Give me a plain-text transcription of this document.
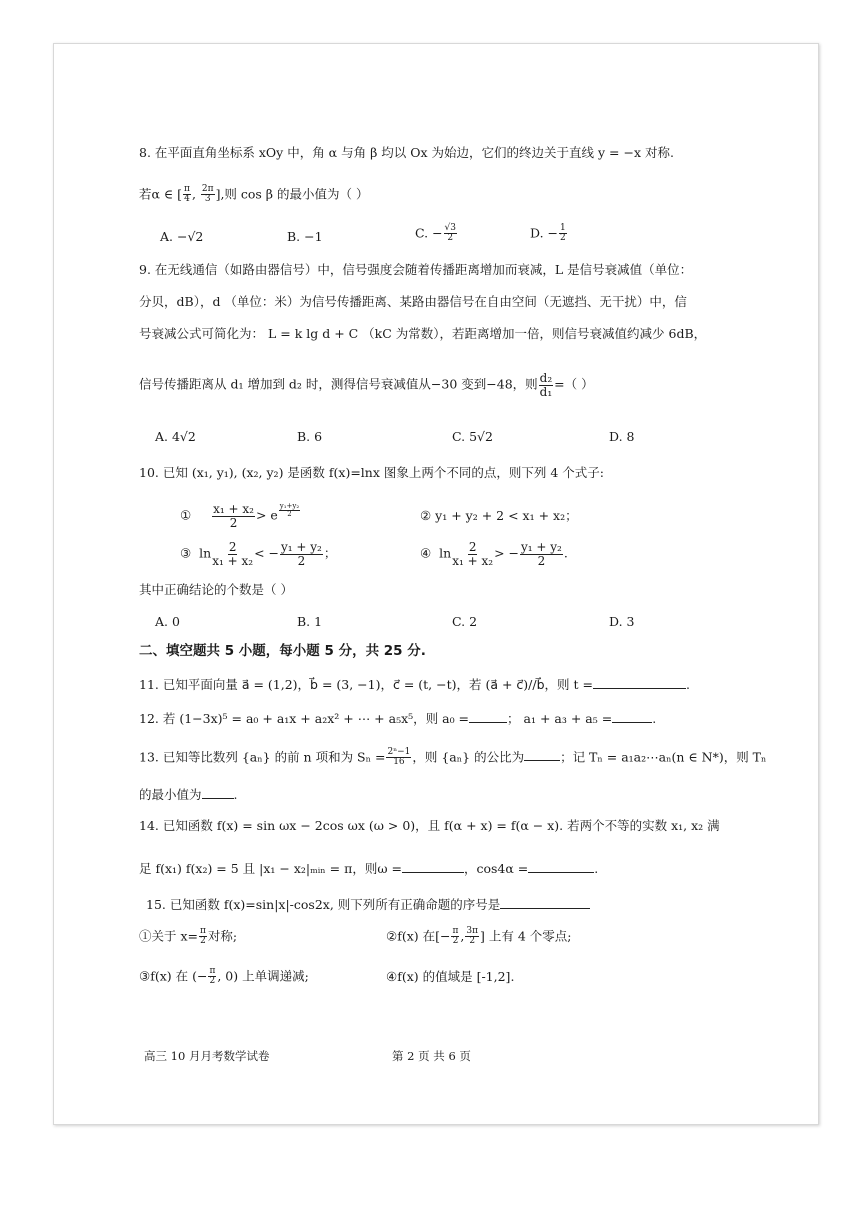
8. 在平面直角坐标系 xOy 中，角 α 与角 β 均以 Ox 为始边，它们的终边关于直线 y = −x 对称.
若α ∈ [ $\frac{\pi}{4}$ , $\frac{2\pi}{3}$ ],则 cos β 的最小值为（ ）
A. −√2	B. −1	C. − $\frac{√3}{2}$	D. − $\frac{1}{2}$
9. 在无线通信（如路由器信号）中，信号强度会随着传播距离增加而衰减，L 是信号衰减值（单位：
分贝，dB），d （单位：米）为信号传播距离、某路由器信号在自由空间（无遮挡、无干扰）中，信
号衰减公式可简化为： L = k lg d + C （kC 为常数），若距离增加一倍，则信号衰减值约减少 6dB，
信号传播距离从 d₁ 增加到 d₂ 时，测得信号衰减值从−30 变到−48，则 $\frac{\text{d₂}}{\text{d₁}}$ =（ ）
A. 4√2	B. 6	C. 5√2	D. 8
10. 已知 (x₁, y₁), (x₂, y₂) 是函数 f(x)=lnx 图象上两个不同的点，则下列 4 个式子:
① $\frac{\text{x₁ + x₂}}{2} > e \frac{\text{y₁+y₂}}{2}$	② y₁ + y₂ + 2 < x₁ + x₂；
③ $\ln \frac{2}{\text{x₁ + x₂}}$ < − $\frac{\text{y₁ + y₂}}{2}$ ；	④ $\ln \frac{2}{\text{x₁ + x₂}}$ > − $\frac{\text{y₁ + y₂}}{2}$ .
其中正确结论的个数是（ ）
A. 0	B. 1	C. 2	D. 3
二、填空题共 5 小题，每小题 5 分，共 25 分.
11. 已知平面向量 a⃗ = (1,2)，b⃗ = (3, −1)，c⃗ = (t, −t)，若 (a⃗ + c⃗)//b⃗，则 t =	.
12. 若 (1−3x)⁵ = a₀ + a₁x + a₂x² + ⋯ + a₅x⁵，则 a₀ =	； a₁ + a₃ + a₅ =	.
13. 已知等比数列 {aₙ} 的前 n 项和为 $S_n = \frac{\text{2ⁿ−1}}{16}$ ，则 {aₙ} 的公比为	；记 Tₙ = a₁a₂⋯aₙ(n ∈ N*)，则 Tₙ
的最小值为	.
14. 已知函数 f(x) = sin ωx − 2cos ωx (ω > 0)，且 f(α + x) = f(α − x). 若两个不等的实数 x₁, x₂ 满
足 f(x₁) f(x₂) = 5 且 |x₁ − x₂|ₘᵢₙ = π，则ω =	，cos4α =	.
15. 已知函数 f(x)=sin|x|-cos2x, 则下列所有正确命题的序号是
①关于 $x= \frac{\pi}{2}$ 对称;	②f(x) 在[− $\frac{\pi}{2}$ , $\frac{3\pi}{2}$ ] 上有 4 个零点;
③f(x) 在 (− $\frac{\pi}{2}$ , 0) 上单调递减;	④f(x) 的值域是 [-1,2].
高三 10 月月考数学试卷	第 2 页 共 6 页
